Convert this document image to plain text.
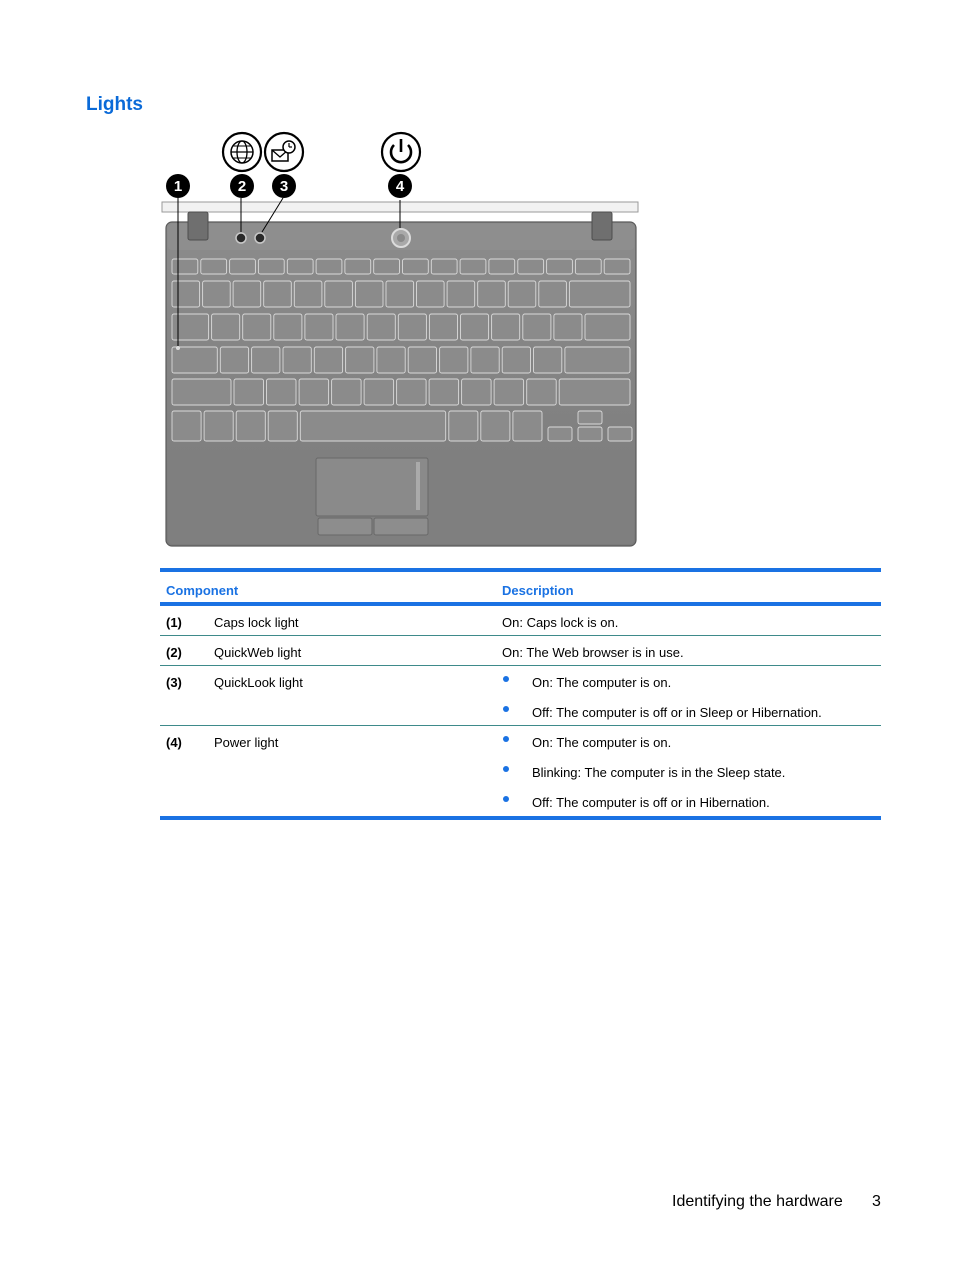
Lights
1	2 3	4
Component	Description
(1) Caps lock light	On: Caps lock is on.
(2) QuickWeb light	On: The Web browser is in use.
(3) QuickLook light	On: The computer is on.
Off: The computer is off or in Sleep or Hibernation.
(4) Power light	On: The computer is on.
Blinking: The computer is in the Sleep state.
Off: The computer is off or in Hibernation.
Identifying the hardware 3
